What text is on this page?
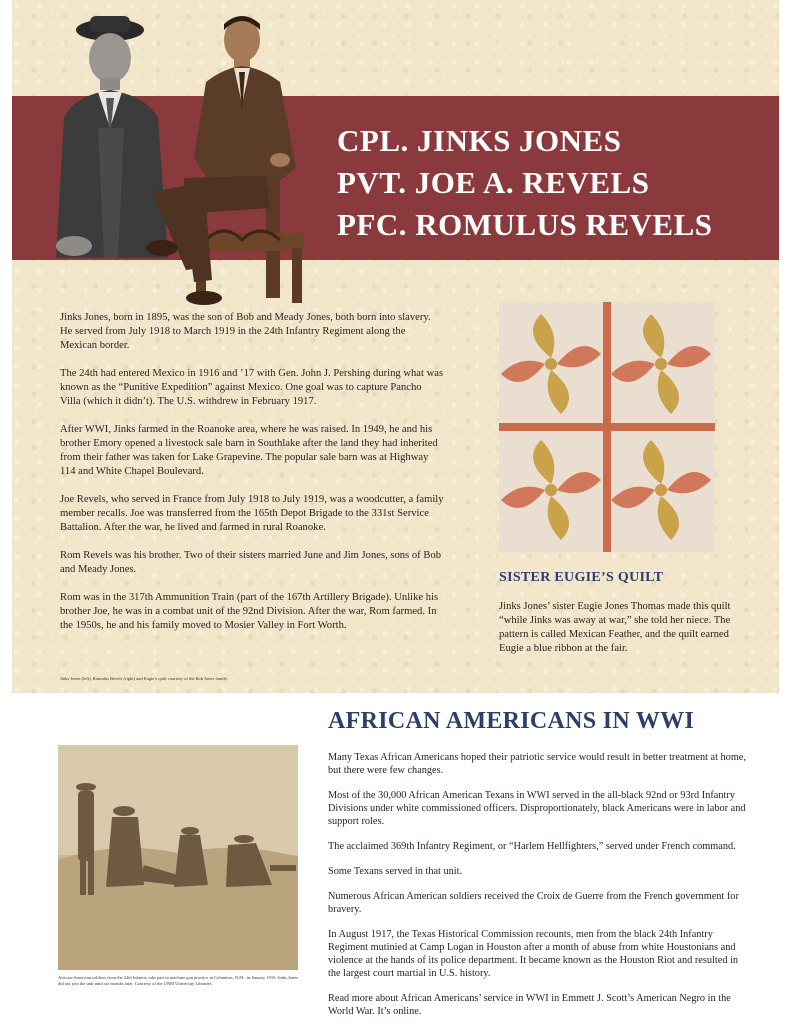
CPL. JINKS JONES
PVT. JOE A. REVELS
PFC. ROMULUS REVELS

Jinks Jones, born in 1895, was the son of Bob and Meady Jones, both born into slavery. He served from July 1918 to March 1919 in the 24th Infantry Regiment along the Mexican border.

The 24th had entered Mexico in 1916 and ’17 with Gen. John J. Pershing during what was known as the “Punitive Expedition” against Mexico. One goal was to capture Pancho Villa (which it didn’t). The U.S. withdrew in February 1917.

After WWI, Jinks farmed in the Roanoke area, where he was raised. In 1949, he and his brother Emory opened a livestock sale barn in Southlake after the land they had inherited from their father was taken for Lake Grapevine. The popular sale barn was at Highway 114 and White Chapel Boulevard.

Joe Revels, who served in France from July 1918 to July 1919, was a woodcutter, a family member recalls. Joe was transferred from the 165th Depot Brigade to the 331st Service Battalion. After the war, he lived and farmed in rural Roanoke.

Rom Revels was his brother. Two of their sisters married June and Jim Jones, sons of Bob and Meady Jones.

Rom was in the 317th Ammunition Train (part of the 167th Artillery Brigade). Unlike his brother Joe, he was in a combat unit of the 92nd Division. After the war, Rom farmed. In the 1950s, he and his family moved to Mosier Valley in Fort Worth.

Jinks Jones (left), Romulus Revels (right) and Eugie’s quilt courtesy of the Bob Jones family.
SISTER EUGIE’S QUILT
Jinks Jones’ sister Eugie Jones Thomas made this quilt “while Jinks was away at war,” she told her niece. The pattern is called Mexican Feather, and the quilt earned Eugie a blue ribbon at the fair.
AFRICAN AMERICANS IN WWI
African-American soldiers from the 24th Infantry take part in machine gun practice in Columbus, N.M., in January 1916. Jinks Jones did not join the unit until six months later. Courtesy of the UNM University Libraries.

Many Texas African Americans hoped their patriotic service would result in better treatment at home, but there were few changes.

Most of the 30,000 African American Texans in WWI served in the all-black 92nd or 93rd Infantry Divisions under white commissioned officers. Disproportionately, black Americans were in labor and support roles.

The acclaimed 369th Infantry Regiment, or “Harlem Hellfighters,” served under French command.

Some Texans served in that unit.

Numerous African American soldiers received the Croix de Guerre from the French government for bravery.

In August 1917, the Texas Historical Commission recounts, men from the black 24th Infantry Regiment mutinied at Camp Logan in Houston after a month of abuse from white Houstonians and violence at the hands of its police department. It became known as the Houston Riot and resulted in the largest court martial in U.S. history.

Read more about African Americans’ service in WWI in Emmett J. Scott’s American Negro in the World War. It’s online.
